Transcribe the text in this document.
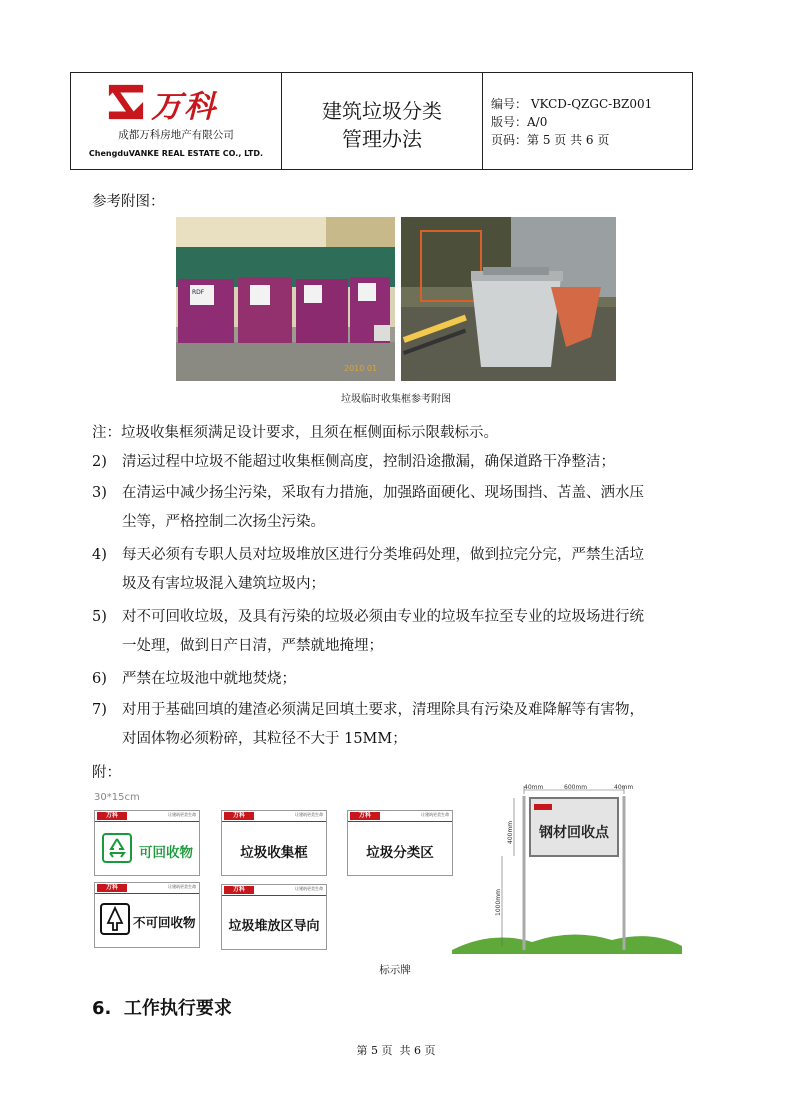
万科
成都万科房地产有限公司
ChengduVANKE REAL ESTATE CO., LTD.
建筑垃圾分类
管理办法
编号： VKCD-QZGC-BZ001
版号：A/0
页码：第 5 页 共 6 页
参考附图：
RDF
2010 01
垃圾临时收集框参考附图
注：垃圾收集框须满足设计要求，且须在框侧面标示限载标示。
2) 清运过程中垃圾不能超过收集框侧高度，控制沿途撒漏，确保道路干净整洁；
3) 在清运中减少扬尘污染，采取有力措施，加强路面硬化、现场围挡、苫盖、洒水压
尘等，严格控制二次扬尘污染。
4) 每天必须有专职人员对垃圾堆放区进行分类堆码处理，做到拉完分完，严禁生活垃
圾及有害垃圾混入建筑垃圾内；
5) 对不可回收垃圾，及具有污染的垃圾必须由专业的垃圾车拉至专业的垃圾场进行统
一处理，做到日产日清，严禁就地掩埋；
6) 严禁在垃圾池中就地焚烧；
7) 对用于基础回填的建渣必须满足回填土要求，清理除具有污染及难降解等有害物，
对固体物必须粉碎，其粒径不大于 15MM；
附：
30*15cm
万科	让建筑更美生命
可回收物
万科	让建筑更美生命
垃圾收集框
万科	让建筑更美生命
垃圾分类区
万科	让建筑更美生命
不可回收物
万科	让建筑更美生命
垃圾堆放区导向
40mm	600mm	40mm
钢材回收点
400mm
1000mm
标示牌
6.  工作执行要求
第 5 页  共 6 页
